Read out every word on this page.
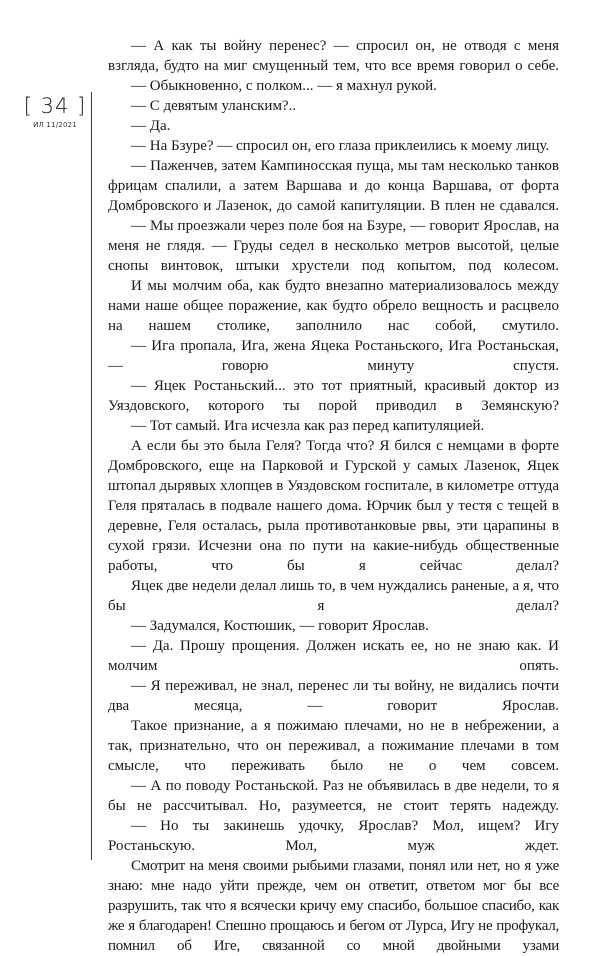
[ 34 ]
ИЛ 11/2021

— А как ты войну перенес? — спросил он, не отводя с меня взгляда, будто на миг смущенный тем, что все время говорил о себе.

— Обыкновенно, с полком... — я махнул рукой.

— С девятым уланским?..

— Да.

— На Бзуре? — спросил он, его глаза приклеились к моему лицу.

— Паженчев, затем Кампиносская пуща, мы там несколько танков фрицам спалили, а затем Варшава и до конца Варшава, от форта Домбровского и Лазенок, до самой капитуляции. В плен не сдавался.

— Мы проезжали через поле боя на Бзуре, — говорит Ярослав, на меня не глядя. — Груды седел в несколько метров высотой, целые снопы винтовок, штыки хрустели под копытом, под колесом.

И мы молчим оба, как будто внезапно материализовалось между нами наше общее поражение, как будто обрело вещность и расцвело на нашем столике, заполнило нас собой, смутило.

— Ига пропала, Ига, жена Яцека Ростаньского, Ига Ростаньская, — говорю минуту спустя.

— Яцек Ростаньский... это тот приятный, красивый доктор из Уяздовского, которого ты порой приводил в Земянскую?

— Тот самый. Ига исчезла как раз перед капитуляцией.

А если бы это была Геля? Тогда что? Я бился с немцами в форте Домбровского, еще на Парковой и Гурской у самых Лазенок, Яцек штопал дырявых хлопцев в Уяздовском госпитале, в километре оттуда Геля пряталась в подвале нашего дома. Юрчик был у тестя с тещей в деревне, Геля осталась, рыла противотанковые рвы, эти царапины в сухой грязи. Исчезни она по пути на какие-нибудь общественные работы, что бы я сейчас делал?

Яцек две недели делал лишь то, в чем нуждались раненые, а я, что бы я делал?

— Задумался, Костюшик, — говорит Ярослав.

— Да. Прошу прощения. Должен искать ее, но не знаю как. И молчим опять.

— Я переживал, не знал, перенес ли ты войну, не видались почти два месяца, — говорит Ярослав.

Такое признание, а я пожимаю плечами, но не в небрежении, а так, признательно, что он переживал, а пожимание плечами в том смысле, что переживать было не о чем совсем.

— А по поводу Ростаньской. Раз не объявилась в две недели, то я бы не рассчитывал. Но, разумеется, не стоит терять надежду.

— Но ты закинешь удочку, Ярослав? Мол, ищем? Игу Ростаньскую. Мол, муж ждет.

Смотрит на меня своими рыбьими глазами, понял или нет, но я уже знаю: мне надо уйти прежде, чем он ответит, ответом мог бы все разрушить, так что я всячески кричу ему спасибо, большое спасибо, как же я благодарен! Спешно прощаюсь и бегом от Лурса, Игу не профукал, помнил об Иге, связанной со мной двойными узами
